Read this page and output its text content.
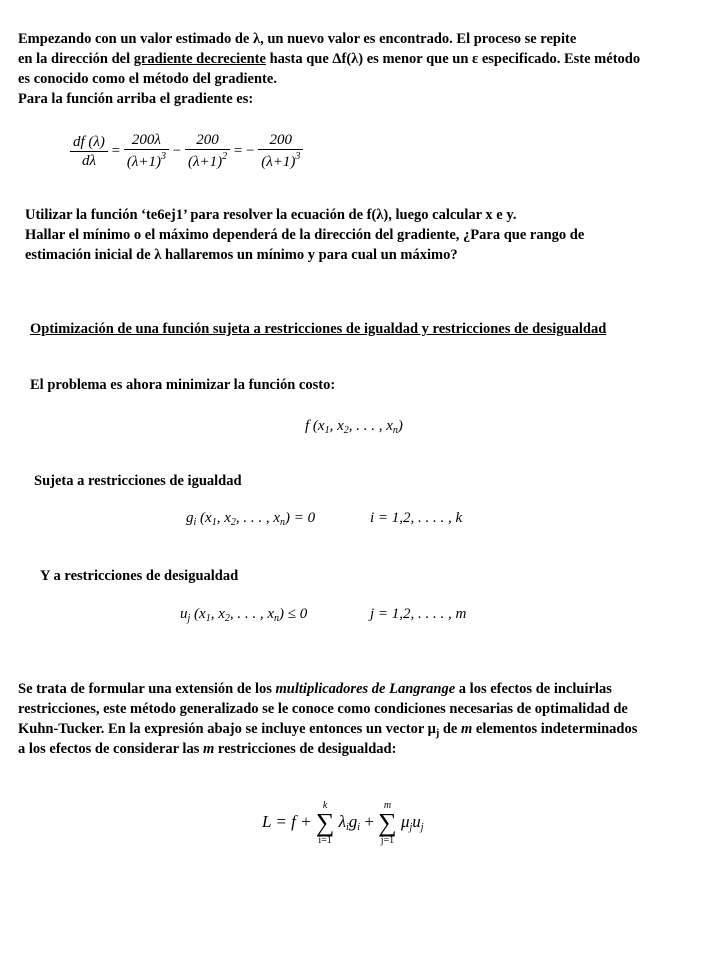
Empezando con un valor estimado de λ, un nuevo valor es encontrado. El proceso se repite
en la dirección del gradiente decreciente hasta que Δf(λ) es menor que un ε especificado. Este método
es conocido como el método del gradiente.
Para la función arriba el gradiente es:
$\frac{df (\lambda)}{d\lambda} = \frac{200\lambda}{(\lambda+1)^3} - \frac{200}{(\lambda+1)^2}$ = − $\frac{200}{(\lambda+1)^3}$
Utilizar la función ‘te6ej1’ para resolver la ecuación de f(λ), luego calcular x e y.
Hallar el mínimo o el máximo dependerá de la dirección del gradiente, ¿Para que rango de
estimación inicial de λ hallaremos un mínimo y para cual un máximo?
Optimización de una función sujeta a restricciones de igualdad y restricciones de desigualdad
El problema es ahora minimizar la función costo:
f ($x_1$, $x_2$, . . . , $x_n$)
Sujeta a restricciones de igualdad
$g_i$ ($x_1$, $x_2$, . . . , $x_n) = 0$	i = 1,2, . . . . , k
Y a restricciones de desigualdad
$u_j$ ($x_1$, $x_2$, . . . , $x_n) \le 0$	j = 1,2, . . . . , m
Se trata de formular una extensión de los multiplicadores de Langrange a los efectos de incluirlas
restricciones, este método generalizado se le conoce como condiciones necesarias de optimalidad de
Kuhn-Tucker. En la expresión abajo se incluye entonces un vector $\mu_j$ de m elementos indeterminados
a los efectos de considerar las m restricciones de desigualdad:
L = f +
k
∑
i=1
$\lambda_ig_i$ +
m
∑
j=1
$\mu_ju_j$
